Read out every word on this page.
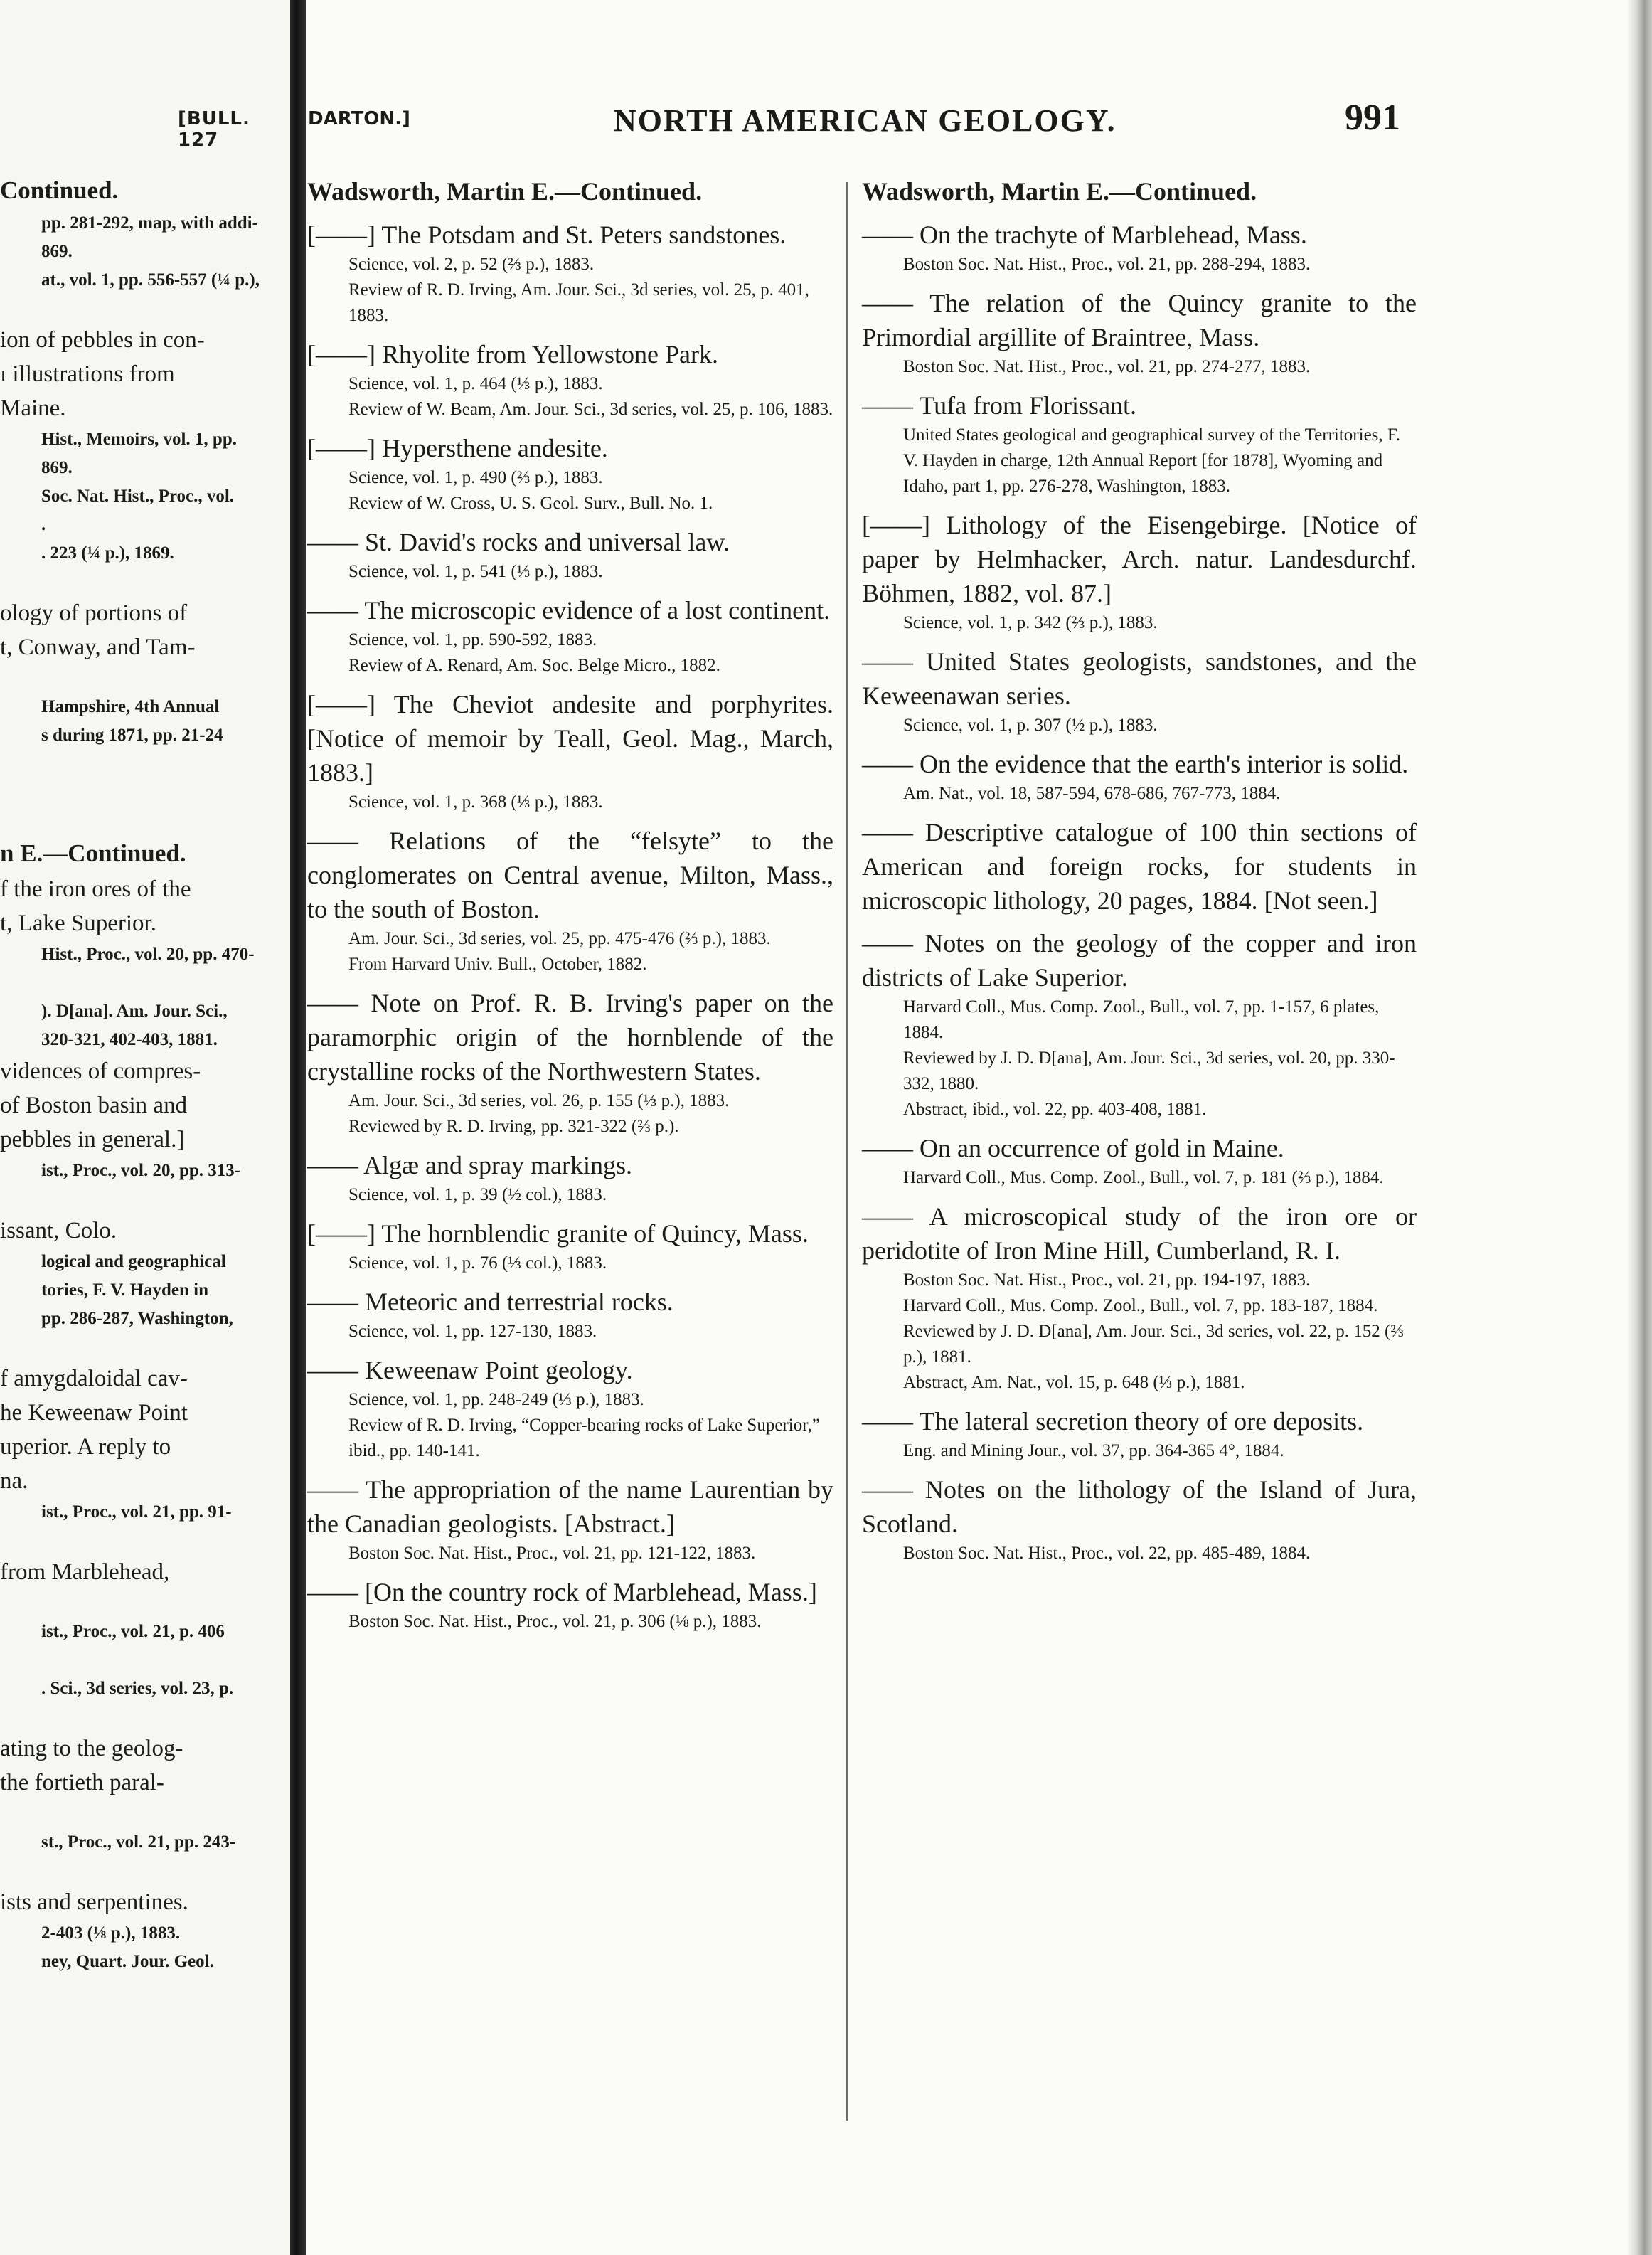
[BULL. 127
Continued.
pp. 281-292, map, with addi-
869.
at., vol. 1, pp. 556-557 (¼ p.),

ion of pebbles in con-
ı illustrations from
Maine.
Hist., Memoirs, vol. 1, pp.
869.
Soc. Nat. Hist., Proc., vol.
.
. 223 (¼ p.), 1869.

ology of portions of
t, Conway, and Tam-

Hampshire, 4th Annual
s during 1871, pp. 21-24

n E.—Continued.
f the iron ores of the
t, Lake Superior.
Hist., Proc., vol. 20, pp. 470-

). D[ana]. Am. Jour. Sci.,
320-321, 402-403, 1881.
vidences of compres-
of Boston basin and
pebbles in general.]
ist., Proc., vol. 20, pp. 313-

issant, Colo.
logical and geographical
tories, F. V. Hayden in
pp. 286-287, Washington,

f amygdaloidal cav-
he Keweenaw Point
uperior. A reply to
na.
ist., Proc., vol. 21, pp. 91-

from Marblehead,

ist., Proc., vol. 21, p. 406

. Sci., 3d series, vol. 23, p.

ating to the geolog-
the fortieth paral-

st., Proc., vol. 21, pp. 243-

ists and serpentines.
2-403 (⅛ p.), 1883.
ney, Quart. Jour. Geol.
DARTON.]	NORTH AMERICAN GEOLOGY.	991
Wadsworth, Martin E.—Continued.
[——] The Potsdam and St. Peters sandstones.
Science, vol. 2, p. 52 (⅔ p.), 1883.
Review of R. D. Irving, Am. Jour. Sci., 3d series, vol. 25, p. 401, 1883.
[——] Rhyolite from Yellowstone Park.
Science, vol. 1, p. 464 (⅓ p.), 1883.
Review of W. Beam, Am. Jour. Sci., 3d series, vol. 25, p. 106, 1883.
[——] Hypersthene andesite.
Science, vol. 1, p. 490 (⅔ p.), 1883.
Review of W. Cross, U. S. Geol. Surv., Bull. No. 1.
—— St. David's rocks and universal law.
Science, vol. 1, p. 541 (⅓ p.), 1883.
—— The microscopic evidence of a lost continent.
Science, vol. 1, pp. 590-592, 1883.
Review of A. Renard, Am. Soc. Belge Micro., 1882.
[——] The Cheviot andesite and porphyrites. [Notice of memoir by Teall, Geol. Mag., March, 1883.]
Science, vol. 1, p. 368 (⅓ p.), 1883.
—— Relations of the “felsyte” to the conglomerates on Central avenue, Milton, Mass., to the south of Boston.
Am. Jour. Sci., 3d series, vol. 25, pp. 475-476 (⅔ p.), 1883.
From Harvard Univ. Bull., October, 1882.
—— Note on Prof. R. B. Irving's paper on the paramorphic origin of the hornblende of the crystalline rocks of the Northwestern States.
Am. Jour. Sci., 3d series, vol. 26, p. 155 (⅓ p.), 1883.
Reviewed by R. D. Irving, pp. 321-322 (⅔ p.).
—— Algæ and spray markings.
Science, vol. 1, p. 39 (½ col.), 1883.
[——] The hornblendic granite of Quincy, Mass.
Science, vol. 1, p. 76 (⅓ col.), 1883.
—— Meteoric and terrestrial rocks.
Science, vol. 1, pp. 127-130, 1883.
—— Keweenaw Point geology.
Science, vol. 1, pp. 248-249 (⅓ p.), 1883.
Review of R. D. Irving, “Copper-bearing rocks of Lake Superior,” ibid., pp. 140-141.
—— The appropriation of the name Laurentian by the Canadian geologists. [Abstract.]
Boston Soc. Nat. Hist., Proc., vol. 21, pp. 121-122, 1883.
—— [On the country rock of Marblehead, Mass.]
Boston Soc. Nat. Hist., Proc., vol. 21, p. 306 (⅛ p.), 1883.
Wadsworth, Martin E.—Continued.
—— On the trachyte of Marblehead, Mass.
Boston Soc. Nat. Hist., Proc., vol. 21, pp. 288-294, 1883.
—— The relation of the Quincy granite to the Primordial argillite of Braintree, Mass.
Boston Soc. Nat. Hist., Proc., vol. 21, pp. 274-277, 1883.
—— Tufa from Florissant.
United States geological and geographical survey of the Territories, F. V. Hayden in charge, 12th Annual Report [for 1878], Wyoming and Idaho, part 1, pp. 276-278, Washington, 1883.
[——] Lithology of the Eisengebirge. [Notice of paper by Helmhacker, Arch. natur. Landesdurchf. Böhmen, 1882, vol. 87.]
Science, vol. 1, p. 342 (⅔ p.), 1883.
—— United States geologists, sandstones, and the Keweenawan series.
Science, vol. 1, p. 307 (½ p.), 1883.
—— On the evidence that the earth's interior is solid.
Am. Nat., vol. 18, 587-594, 678-686, 767-773, 1884.
—— Descriptive catalogue of 100 thin sections of American and foreign rocks, for students in microscopic lithology, 20 pages, 1884. [Not seen.]
—— Notes on the geology of the copper and iron districts of Lake Superior.
Harvard Coll., Mus. Comp. Zool., Bull., vol. 7, pp. 1-157, 6 plates, 1884.
Reviewed by J. D. D[ana], Am. Jour. Sci., 3d series, vol. 20, pp. 330-332, 1880.
Abstract, ibid., vol. 22, pp. 403-408, 1881.
—— On an occurrence of gold in Maine.
Harvard Coll., Mus. Comp. Zool., Bull., vol. 7, p. 181 (⅔ p.), 1884.
—— A microscopical study of the iron ore or peridotite of Iron Mine Hill, Cumberland, R. I.
Boston Soc. Nat. Hist., Proc., vol. 21, pp. 194-197, 1883.
Harvard Coll., Mus. Comp. Zool., Bull., vol. 7, pp. 183-187, 1884.
Reviewed by J. D. D[ana], Am. Jour. Sci., 3d series, vol. 22, p. 152 (⅔ p.), 1881.
Abstract, Am. Nat., vol. 15, p. 648 (⅓ p.), 1881.
—— The lateral secretion theory of ore deposits.
Eng. and Mining Jour., vol. 37, pp. 364-365 4°, 1884.
—— Notes on the lithology of the Island of Jura, Scotland.
Boston Soc. Nat. Hist., Proc., vol. 22, pp. 485-489, 1884.
